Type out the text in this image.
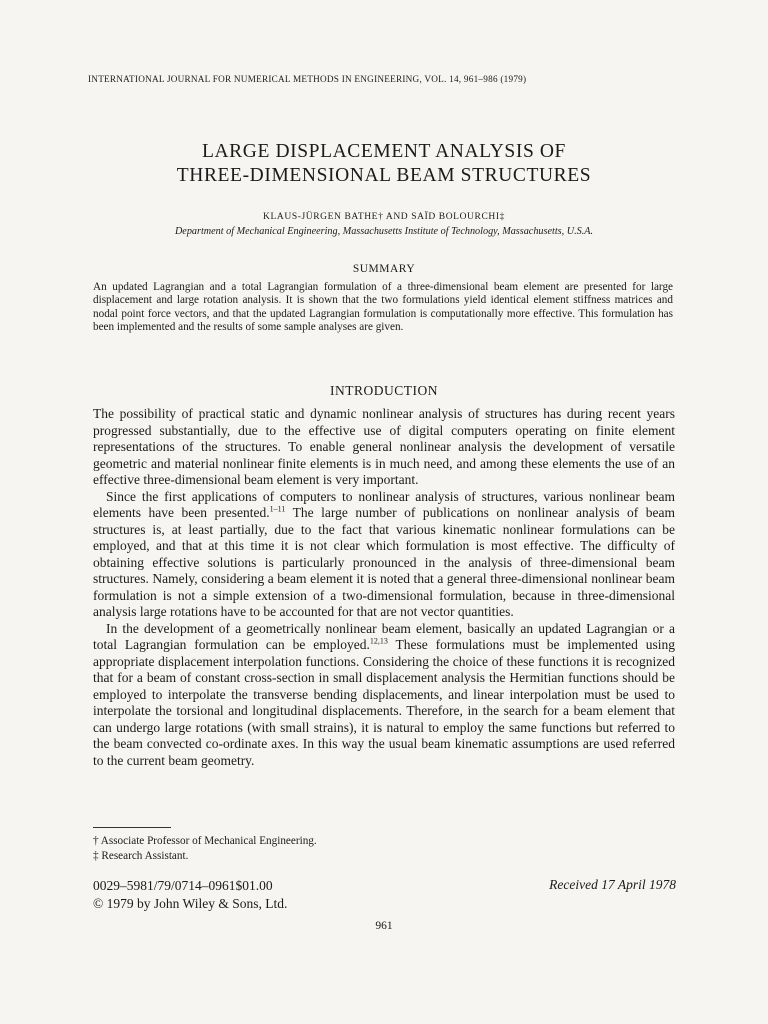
INTERNATIONAL JOURNAL FOR NUMERICAL METHODS IN ENGINEERING, VOL. 14, 961–986 (1979)
LARGE DISPLACEMENT ANALYSIS OF
THREE-DIMENSIONAL BEAM STRUCTURES
KLAUS-JÜRGEN BATHE† AND SAÏD BOLOURCHI‡
Department of Mechanical Engineering, Massachusetts Institute of Technology, Massachusetts, U.S.A.
SUMMARY
An updated Lagrangian and a total Lagrangian formulation of a three-dimensional beam element are presented for large displacement and large rotation analysis. It is shown that the two formulations yield identical element stiffness matrices and nodal point force vectors, and that the updated Lagrangian formulation is computationally more effective. This formulation has been implemented and the results of some sample analyses are given.
INTRODUCTION

The possibility of practical static and dynamic nonlinear analysis of structures has during recent years progressed substantially, due to the effective use of digital computers operating on finite element representations of the structures. To enable general nonlinear analysis the development of versatile geometric and material nonlinear finite elements is in much need, and among these elements the use of an effective three-dimensional beam element is very important.

Since the first applications of computers to nonlinear analysis of structures, various nonlinear beam elements have been presented.$^{1-11}$ The large number of publications on nonlinear analysis of beam structures is, at least partially, due to the fact that various kinematic nonlinear formulations can be employed, and that at this time it is not clear which formulation is most effective. The difficulty of obtaining effective solutions is particularly pronounced in the analysis of three-dimensional beam structures. Namely, considering a beam element it is noted that a general three-dimensional nonlinear beam formulation is not a simple extension of a two-dimensional formulation, because in three-dimensional analysis large rotations have to be accounted for that are not vector quantities.

In the development of a geometrically nonlinear beam element, basically an updated Lagrangian or a total Lagrangian formulation can be employed.$^{12,13}$ These formulations must be implemented using appropriate displacement interpolation functions. Considering the choice of these functions it is recognized that for a beam of constant cross-section in small displacement analysis the Hermitian functions should be employed to interpolate the transverse bending displacements, and linear interpolation must be used to interpolate the torsional and longitudinal displacements. Therefore, in the search for a beam element that can undergo large rotations (with small strains), it is natural to employ the same functions but referred to the beam convected co-ordinate axes. In this way the usual beam kinematic assumptions are used referred to the current beam geometry.

† Associate Professor of Mechanical Engineering.
‡ Research Assistant.
0029–5981/79/0714–0961$01.00
© 1979 by John Wiley & Sons, Ltd.
Received 17 April 1978
961
